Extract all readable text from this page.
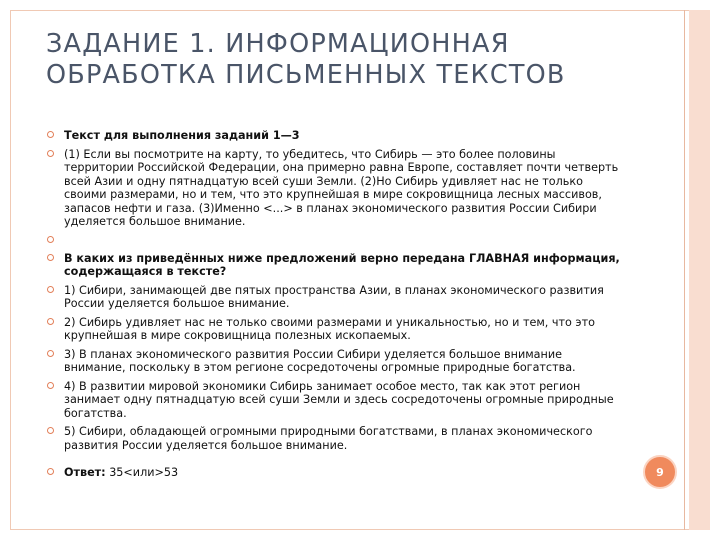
ЗАДАНИЕ 1. ИНФОРМАЦИОННАЯ ОБРАБОТКА ПИСЬМЕННЫХ ТЕКСТОВ
Текст для выполнения заданий 1—3
(1) Если вы посмотрите на карту, то убедитесь, что Сибирь — это более половины территории Российской Федерации, она примерно равна Европе, составляет почти четверть всей Азии и одну пятнадцатую всей суши Земли. (2)Но Сибирь удивляет нас не только своими размерами, но и тем, что это крупнейшая в мире сокровищница лесных массивов, запасов нефти и газа. (3)Именно <...> в планах экономического развития России Сибири уделяется большое внимание.
В каких из приведённых ниже предложений верно передана ГЛАВНАЯ информация, содержащаяся в тексте?
1) Сибири, занимающей две пятых пространства Азии, в планах экономического развития России уделяется большое внимание.
2) Сибирь удивляет нас не только своими размерами и уникальностью, но и тем, что это крупнейшая в мире сокровищница полезных ископаемых.
3) В планах экономического развития России Сибири уделяется большое внимание внимание, поскольку в этом регионе сосредоточены огромные природные богатства.
4) В развитии мировой экономики Сибирь занимает особое место, так как этот регион занимает одну пятнадцатую всей суши Земли и здесь сосредоточены огромные природные богатства.
5) Сибири, обладающей огромными природными богатствами, в планах экономического развития России уделяется большое внимание.
Ответ: 35<или>53	9
